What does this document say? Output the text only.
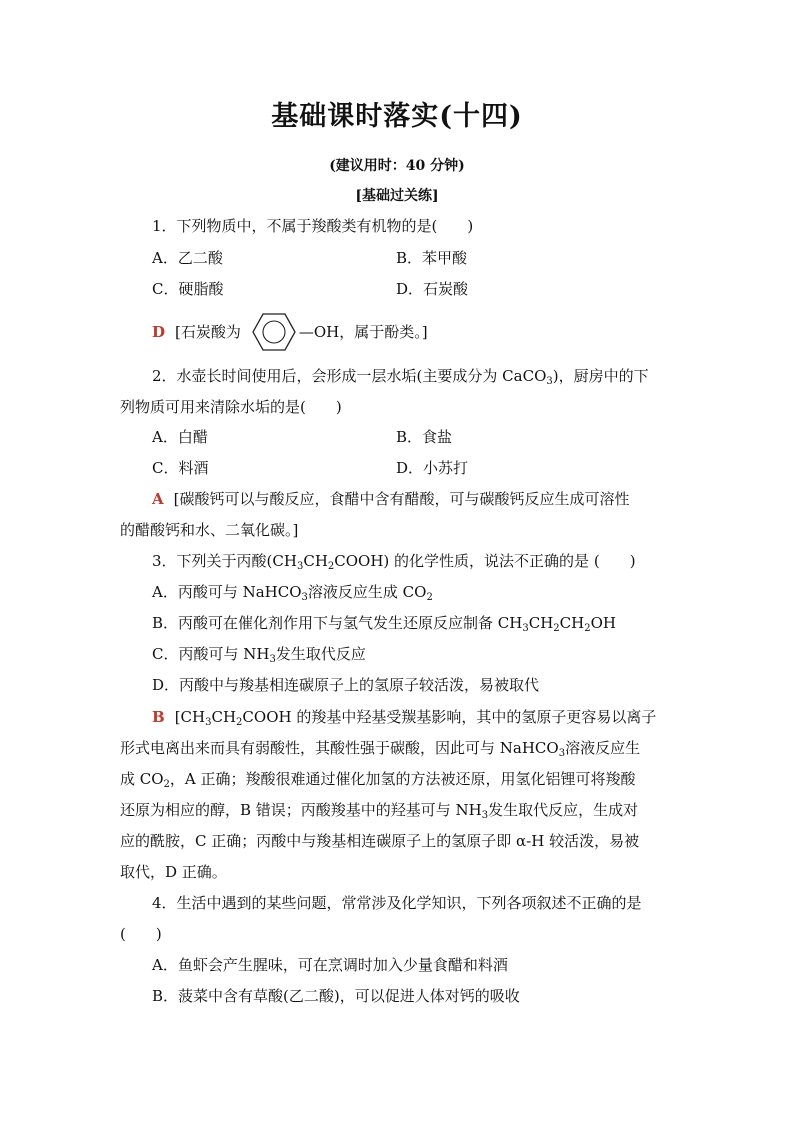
基础课时落实(十四)
(建议用时：40 分钟)
[基础过关练]
1．下列物质中，不属于羧酸类有机物的是( )
A．乙二酸	B．苯甲酸
C．硬脂酸	D．石炭酸
D [石炭酸为	—OH，属于酚类。]
2．水壶长时间使用后，会形成一层水垢(主要成分为 CaCO$_3$)，厨房中的下
列物质可用来清除水垢的是( )
A．白醋	B．食盐
C．料酒	D．小苏打
A [碳酸钙可以与酸反应，食醋中含有醋酸，可与碳酸钙反应生成可溶性
的醋酸钙和水、二氧化碳。]
3．下列关于丙酸$(CH_3CH_2COOH)$ 的化学性质，说法不正确的是 ( )
A．丙酸可与 NaHCO$_3$溶液反应生成 $CO_2$
B．丙酸可在催化剂作用下与氢气发生还原反应制备 $CH_3CH_2CH_2OH$
C．丙酸可与 $NH_3$发生取代反应
D．丙酸中与羧基相连碳原子上的氢原子较活泼，易被取代
B [$CH_3CH_2COOH$ 的羧基中羟基受羰基影响，其中的氢原子更容易以离子
形式电离出来而具有弱酸性，其酸性强于碳酸，因此可与 NaHCO$_3$溶液反应生
成 $CO_2$，A 正确；羧酸很难通过催化加氢的方法被还原，用氢化铝锂可将羧酸
还原为相应的醇，B 错误；丙酸羧基中的羟基可与 $NH_3$发生取代反应，生成对
应的酰胺，C 正确；丙酸中与羧基相连碳原子上的氢原子即 α-H 较活泼，易被
取代，D 正确。
4．生活中遇到的某些问题，常常涉及化学知识，下列各项叙述不正确的是
( )
A．鱼虾会产生腥味，可在烹调时加入少量食醋和料酒
B．菠菜中含有草酸(乙二酸)，可以促进人体对钙的吸收
